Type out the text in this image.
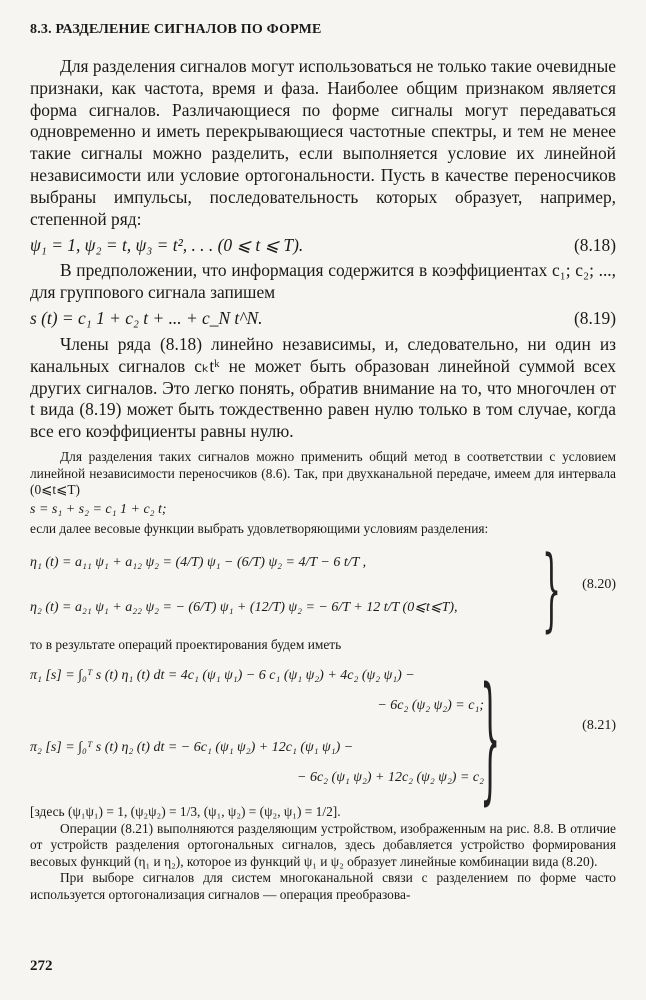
8.3. РАЗДЕЛЕНИЕ СИГНАЛОВ ПО ФОРМЕ

Для разделения сигналов могут использоваться не только такие очевидные признаки, как частота, время и фаза. Наиболее общим признаком является форма сигналов. Различающиеся по форме сигналы могут передаваться одновременно и иметь перекрывающиеся частотные спектры, и тем не менее такие сигналы можно разделить, если выполняется условие их линейной независимости или условие ортогональности. Пусть в качестве переносчиков выбраны импульсы, последовательность которых образует, например, степенной ряд:

ψ₁ = 1, ψ₂ = t, ψ₃ = t², . . . (0 ⩽ t ⩽ T).	(8.18)

В предположении, что информация содержится в коэффициентах c₁; c₂; ..., для группового сигнала запишем

s (t) = c₁ 1 + c₂ t + ... + c_N t^N.	(8.19)

Члены ряда (8.18) линейно независимы, и, следовательно, ни один из канальных сигналов cₖtᵏ не может быть образован линейной суммой всех других сигналов. Это легко понять, обратив внимание на то, что многочлен от t вида (8.19) может быть тождественно равен нулю только в том случае, когда все его коэффициенты равны нулю.

Для разделения таких сигналов можно применить общий метод в соответствии с условием линейной независимости переносчиков (8.6). Так, при двухканальной передаче, имеем для интервала (0⩽t⩽T)

s = s₁ + s₂ = c₁ 1 + c₂ t;

если далее весовые функции выбрать удовлетворяющими условиям разделения:

η₁ (t) = a₁₁ ψ₁ + a₁₂ ψ₂ = (4/T) ψ₁ − (6/T) ψ₂ = 4/T − 6 t/T ,
η₂ (t) = a₂₁ ψ₁ + a₂₂ ψ₂ = − (6/T) ψ₁ + (12/T) ψ₂ = − 6/T + 12 t/T (0⩽t⩽T),	} (8.20)

то в результате операций проектирования будем иметь

π₁ [s] = ∫₀ᵀ s (t) η₁ (t) dt = 4c₁ (ψ₁ ψ₁) − 6 c₁ (ψ₁ ψ₂) + 4c₂ (ψ₂ ψ₁) −
− 6c₂ (ψ₂ ψ₂) = c₁;
π₂ [s] = ∫₀ᵀ s (t) η₂ (t) dt = − 6c₁ (ψ₁ ψ₂) + 12c₁ (ψ₁ ψ₁) −
− 6c₂ (ψ₁ ψ₂) + 12c₂ (ψ₂ ψ₂) = c₂
}	(8.21)

[здесь (ψ₁ψ₁) = 1, (ψ₂ψ₂) = 1/3, (ψ₁, ψ₂) = (ψ₂, ψ₁) = 1/2].

Операции (8.21) выполняются разделяющим устройством, изображенным на рис. 8.8. В отличие от устройств разделения ортогональных сигналов, здесь добавляется устройство формирования весовых функций (η₁ и η₂), которое из функций ψ₁ и ψ₂ образует линейные комбинации вида (8.20).

При выборе сигналов для систем многоканальной связи с разделением по форме часто используется ортогонализация сигналов — операция преобразова-

272
